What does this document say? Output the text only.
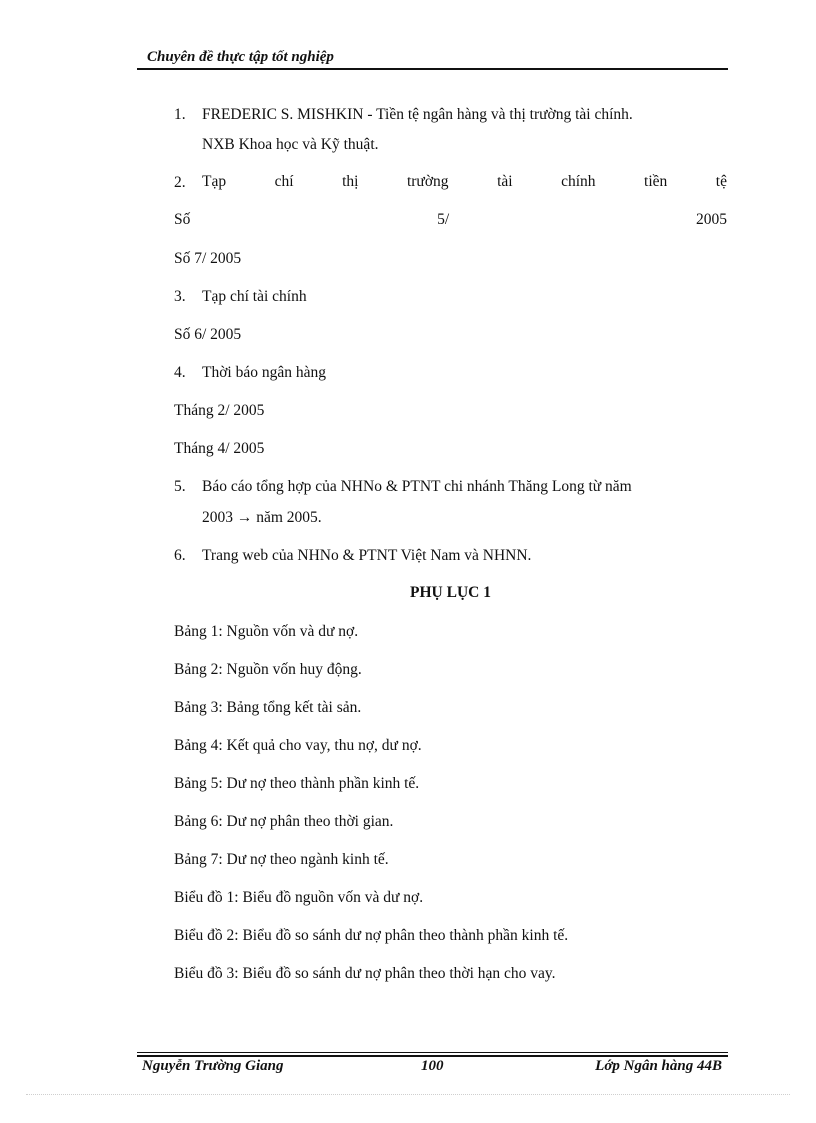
Chuyên đề thực tập tốt nghiệp
1.	FREDERIC S. MISHKIN - Tiền tệ ngân hàng và thị trường tài chính.
NXB Khoa học và Kỹ thuật.
2. Tạp	chí	thị	trường	tài	chính	tiền	tệ
Số	5/	2005
Số 7/ 2005
3.	Tạp chí tài chính
Số 6/ 2005
4.	Thời báo ngân hàng
Tháng 2/ 2005
Tháng 4/ 2005
5.	Báo cáo tổng hợp của NHNo & PTNT chi nhánh Thăng Long từ năm
2003 → năm 2005.
6.	Trang web của NHNo & PTNT Việt Nam và NHNN.
PHỤ LỤC 1
Bảng 1: Nguồn vốn và dư nợ.
Bảng 2: Nguồn vốn huy động.
Bảng 3: Bảng tổng kết tài sản.
Bảng 4: Kết quả cho vay, thu nợ, dư nợ.
Bảng 5: Dư nợ theo thành phần kinh tế.
Bảng 6: Dư nợ phân theo thời gian.
Bảng 7: Dư nợ theo ngành kinh tế.
Biểu đồ 1: Biểu đồ nguồn vốn và dư nợ.
Biểu đồ 2: Biểu đồ so sánh dư nợ phân theo thành phần kinh tế.
Biểu đồ 3: Biểu đồ so sánh dư nợ phân theo thời hạn cho vay.
Nguyễn Trường Giang	100	Lớp Ngân hàng 44B
